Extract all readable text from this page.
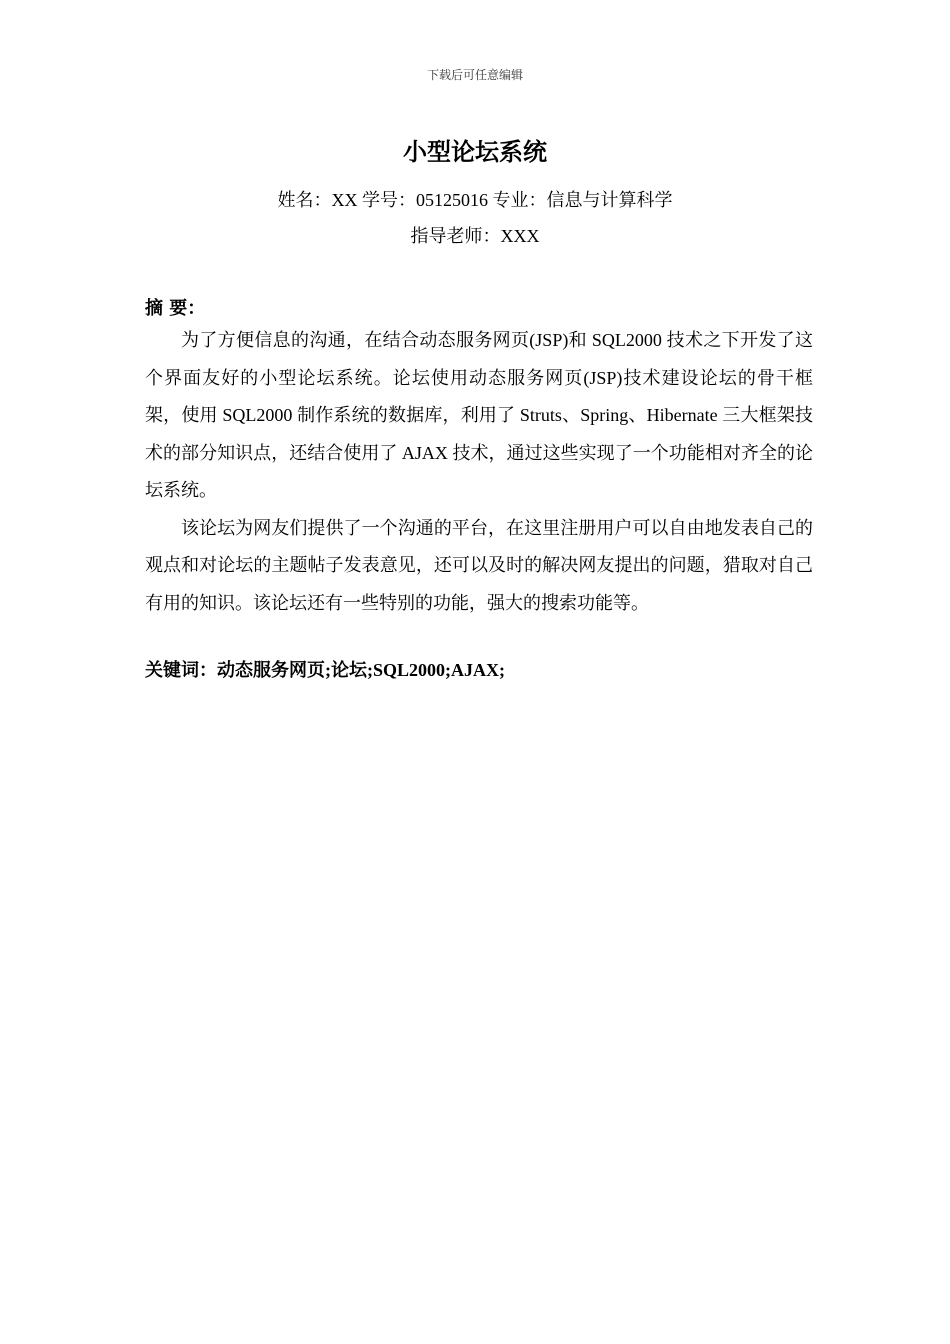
下载后可任意编辑
小型论坛系统
姓名：XX 学号：05125016 专业：信息与计算科学
指导老师：XXX
摘 要：

为了方便信息的沟通，在结合动态服务网页(JSP)和 SQL2000 技术之下开发了这个界面友好的小型论坛系统。论坛使用动态服务网页(JSP)技术建设论坛的骨干框架，使用 SQL2000 制作系统的数据库，利用了 Struts、Spring、Hibernate 三大框架技术的部分知识点，还结合使用了 AJAX 技术，通过这些实现了一个功能相对齐全的论坛系统。

该论坛为网友们提供了一个沟通的平台，在这里注册用户可以自由地发表自己的观点和对论坛的主题帖子发表意见，还可以及时的解决网友提出的问题，猎取对自己有用的知识。该论坛还有一些特别的功能，强大的搜索功能等。

关键词：动态服务网页;论坛;SQL2000;AJAX;
